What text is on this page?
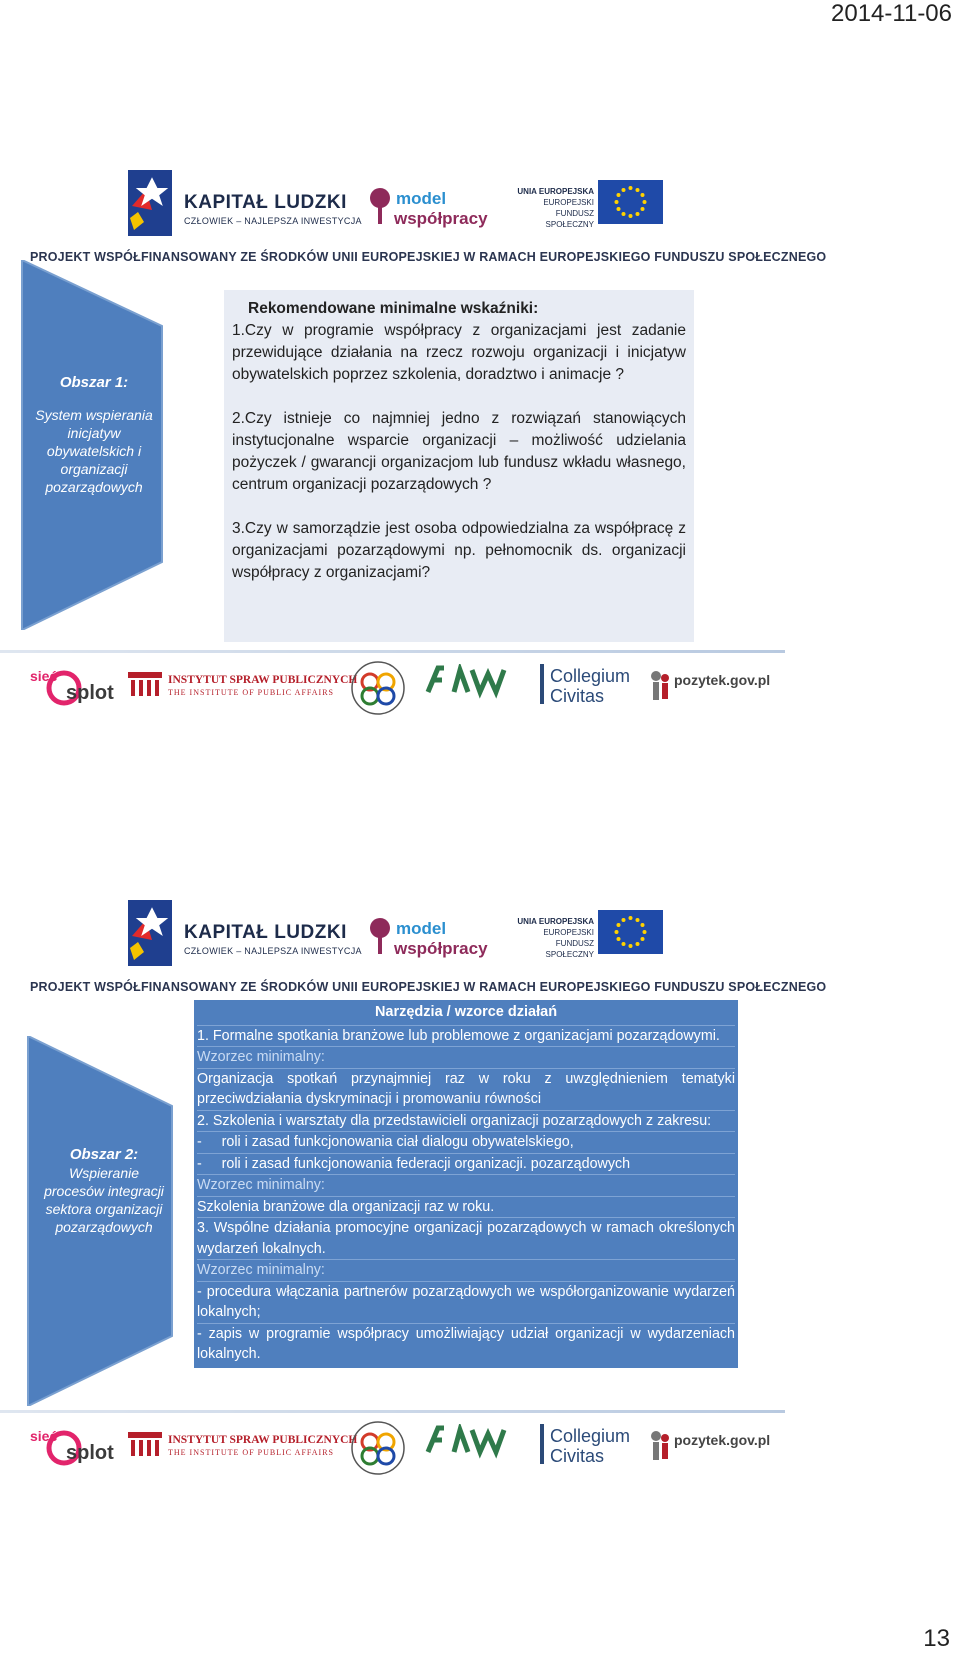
2014-11-06
KAPITAŁ LUDZKI
CZŁOWIEK – NAJLEPSZA INWESTYCJA
model
współpracy
UNIA EUROPEJSKA
EUROPEJSKI
FUNDUSZ SPOŁECZNY
PROJEKT WSPÓŁFINANSOWANY ZE ŚRODKÓW UNII EUROPEJSKIEJ W RAMACH EUROPEJSKIEGO FUNDUSZU SPOŁECZNEGO
Obszar 1:
System wspierania inicjatyw obywatelskich i organizacji pozarządowych
Rekomendowane minimalne wskaźniki:

1.Czy w programie współpracy z organizacjami jest zadanie przewidujące działania na rzecz rozwoju organizacji i inicjatyw obywatelskich poprzez szkolenia, doradztwo i animacje ?

2.Czy istnieje co najmniej jedno z rozwiązań stanowiących instytucjonalne wsparcie organizacji – możliwość udzielania pożyczek / gwarancji organizacjom lub fundusz wkładu własnego, centrum organizacji pozarządowych ?

3.Czy w samorządzie jest osoba odpowiedzialna za współpracę z organizacjami pozarządowymi np. pełnomocnik ds. organizacji współpracy z organizacjami?

sieć
splot
INSTYTUT SPRAW PUBLICZNYCH
THE INSTITUTE OF PUBLIC AFFAIRS
Collegium
Civitas
pozytek.gov.pl
KAPITAŁ LUDZKI
CZŁOWIEK – NAJLEPSZA INWESTYCJA
model
współpracy
UNIA EUROPEJSKA
EUROPEJSKI
FUNDUSZ SPOŁECZNY
PROJEKT WSPÓŁFINANSOWANY ZE ŚRODKÓW UNII EUROPEJSKIEJ W RAMACH EUROPEJSKIEGO FUNDUSZU SPOŁECZNEGO
Obszar 2:
Wspieranie procesów integracji sektora organizacji pozarządowych
Narzędzia / wzorce działań
1. Formalne spotkania branżowe lub problemowe z organizacjami pozarządowymi.
Wzorzec minimalny:
Organizacja spotkań przynajmniej raz w roku z uwzględnieniem tematyki przeciwdziałania dyskryminacji i promowaniu równości
2. Szkolenia i warsztaty dla przedstawicieli organizacji pozarządowych z zakresu:
-     roli i zasad funkcjonowania ciał dialogu obywatelskiego,
-     roli i zasad funkcjonowania federacji organizacji. pozarządowych
Wzorzec minimalny:
Szkolenia branżowe dla organizacji raz w roku.
3. Wspólne działania promocyjne organizacji pozarządowych w ramach określonych wydarzeń lokalnych.
Wzorzec minimalny:
- procedura włączania partnerów pozarządowych we współorganizowanie wydarzeń lokalnych;
- zapis w programie współpracy umożliwiający udział organizacji w wydarzeniach lokalnych.
sieć
splot
INSTYTUT SPRAW PUBLICZNYCH
THE INSTITUTE OF PUBLIC AFFAIRS
Collegium
Civitas
pozytek.gov.pl
13
